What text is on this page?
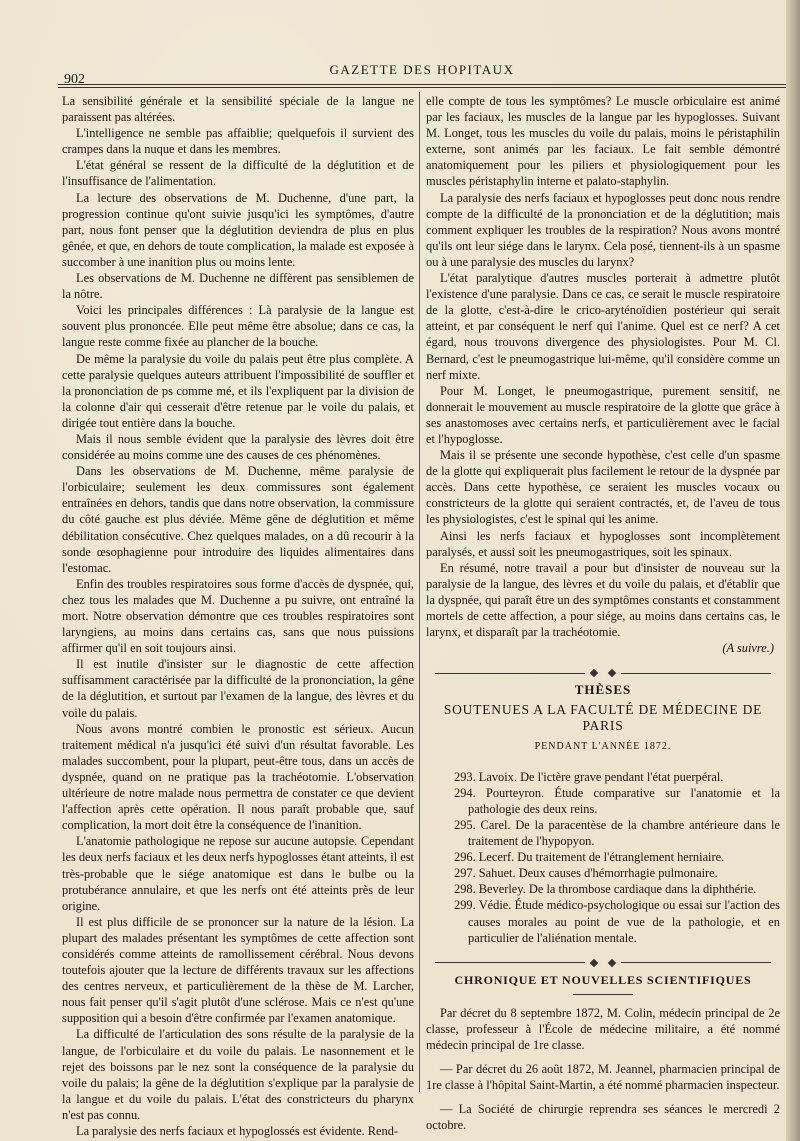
902
GAZETTE DES HOPITAUX

La sensibilité générale et la sensibilité spéciale de la langue ne paraissent pas altérées.

L'intelligence ne semble pas affaiblie; quelquefois il survient des crampes dans la nuque et dans les membres.

L'état général se ressent de la difficulté de la déglutition et de l'insuffisance de l'alimentation.

La lecture des observations de M. Duchenne, d'une part, la progression continue qu'ont suivie jusqu'ici les symptômes, d'autre part, nous font penser que la déglutition deviendra de plus en plus gênée, et que, en dehors de toute complication, la malade est exposée à succomber à une inanition plus ou moins lente.

Les observations de M. Duchenne ne diffèrent pas sensiblemen de la nôtre.

Voici les principales différences : Là paralysie de la langue est souvent plus prononcée. Elle peut même être absolue; dans ce cas, la langue reste comme fixée au plancher de la bouche.

De même la paralysie du voile du palais peut être plus complète. A cette paralysie quelques auteurs attribuent l'impossibilité de souffler et la prononciation de ps comme mé, et ils l'expliquent par la division de la colonne d'air qui cesserait d'être retenue par le voile du palais, et dirigée tout entière dans la bouche.

Mais il nous semble évident que la paralysie des lèvres doit être considérée au moins comme une des causes de ces phénomènes.

Dans les observations de M. Duchenne, même paralysie de l'orbiculaire; seulement les deux commissures sont également entraînées en dehors, tandis que dans notre observation, la commissure du côté gauche est plus déviée. Même gêne de déglutition et même débilitation consécutive. Chez quelques malades, on a dû recourir à la sonde œsophagienne pour introduire des liquides alimentaires dans l'estomac.

Enfin des troubles respiratoires sous forme d'accès de dyspnée, qui, chez tous les malades que M. Duchenne a pu suivre, ont entraîné la mort. Notre observation démontre que ces troubles respiratoires sont laryngiens, au moins dans certains cas, sans que nous puissions affirmer qu'il en soit toujours ainsi.

Il est inutile d'insister sur le diagnostic de cette affection suffisamment caractérisée par la difficulté de la prononciation, la gêne de la déglutition, et surtout par l'examen de la langue, des lèvres et du voile du palais.

Nous avons montré combien le pronostic est sérieux. Aucun traitement médical n'a jusqu'ici été suivi d'un résultat favorable. Les malades succombent, pour la plupart, peut-être tous, dans un accès de dyspnée, quand on ne pratique pas la trachéotomie. L'observation ultérieure de notre malade nous permettra de constater ce que devient l'affection après cette opération. Il nous paraît probable que, sauf complication, la mort doit être la conséquence de l'inanition.

L'anatomie pathologique ne repose sur aucune autopsie. Cependant les deux nerfs faciaux et les deux nerfs hypoglosses étant atteints, il est très-probable que le siége anatomique est dans le bulbe ou la protubérance annulaire, et que les nerfs ont été atteints près de leur origine.

Il est plus difficile de se prononcer sur la nature de la lésion. La plupart des malades présentant les symptômes de cette affection sont considérés comme atteints de ramollissement cérébral. Nous devons toutefois ajouter que la lecture de différents travaux sur les affections des centres nerveux, et particulièrement de la thèse de M. Larcher, nous fait penser qu'il s'agit plutôt d'une sclérose. Mais ce n'est qu'une supposition qui a besoin d'être confirmée par l'examen anatomique.

La difficulté de l'articulation des sons résulte de la paralysie de la langue, de l'orbiculaire et du voile du palais. Le nasonnement et le rejet des boissons par le nez sont la conséquence de la paralysie du voile du palais; la gêne de la déglutition s'explique par la paralysie de la langue et du voile du palais. L'état des constricteurs du pharynx n'est pas connu.

La paralysie des nerfs faciaux et hypoglossés est évidente. Rend-

elle compte de tous les symptômes? Le muscle orbiculaire est animé par les faciaux, les muscles de la langue par les hypoglosses. Suivant M. Longet, tous les muscles du voile du palais, moins le péristaphilin externe, sont animés par les faciaux. Le fait semble démontré anatomiquement pour les piliers et physiologiquement pour les muscles péristaphylin interne et palato-staphylin.

La paralysie des nerfs faciaux et hypoglosses peut donc nous rendre compte de la difficulté de la prononciation et de la déglutition; mais comment expliquer les troubles de la respiration? Nous avons montré qu'ils ont leur siége dans le larynx. Cela posé, tiennent-ils à un spasme ou à une paralysie des muscles du larynx?

L'état paralytique d'autres muscles porterait à admettre plutôt l'existence d'une paralysie. Dans ce cas, ce serait le muscle respiratoire de la glotte, c'est-à-dire le crico-aryténoïdien postérieur qui serait atteint, et par conséquent le nerf qui l'anime. Quel est ce nerf? A cet égard, nous trouvons divergence des physiologistes. Pour M. Cl. Bernard, c'est le pneumogastrique lui-même, qu'il considère comme un nerf mixte.

Pour M. Longet, le pneumogastrique, purement sensitif, ne donnerait le mouvement au muscle respiratoire de la glotte que grâce à ses anastomoses avec certains nerfs, et particulièrement avec le facial et l'hypoglosse.

Mais il se présente une seconde hypothèse, c'est celle d'un spasme de la glotte qui expliquerait plus facilement le retour de la dyspnée par accès. Dans cette hypothèse, ce seraient les muscles vocaux ou constricteurs de la glotte qui seraient contractés, et, de l'aveu de tous les physiologistes, c'est le spinal qui les anime.

Ainsi les nerfs faciaux et hypoglosses sont incomplètement paralysés, et aussi soit les pneumogastriques, soit les spinaux.

En résumé, notre travail a pour but d'insister de nouveau sur la paralysie de la langue, des lèvres et du voile du palais, et d'établir que la dyspnée, qui paraît être un des symptômes constants et constamment mortels de cette affection, a pour siége, au moins dans certains cas, le larynx, et disparaît par la trachéotomie.

(A suivre.)
THÈSES
SOUTENUES A LA FACULTÉ DE MÉDECINE DE PARIS
PENDANT L'ANNÉE 1872.

293. Lavoix. De l'ictère grave pendant l'état puerpéral.

294. Pourteyron. Étude comparative sur l'anatomie et la pathologie des deux reins.

295. Carel. De la paracentèse de la chambre antérieure dans le traitement de l'hypopyon.

296. Lecerf. Du traitement de l'étranglement herniaire.

297. Sahuet. Deux causes d'hémorrhagie pulmonaire.

298. Beverley. De la thrombose cardiaque dans la diphthérie.

299. Védie. Étude médico-psychologique ou essai sur l'action des causes morales au point de vue de la pathologie, et en particulier de l'aliénation mentale.

CHRONIQUE ET NOUVELLES SCIENTIFIQUES

Par décret du 8 septembre 1872, M. Colin, médecin principal de 2e classe, professeur à l'École de médecine militaire, a été nommé médecin principal de 1re classe.

— Par décret du 26 août 1872, M. Jeannel, pharmacien principal de 1re classe à l'hôpital Saint-Martin, a été nommé pharmacien inspecteur.

— La Société de chirurgie reprendra ses séances le mercredi 2 octobre.
